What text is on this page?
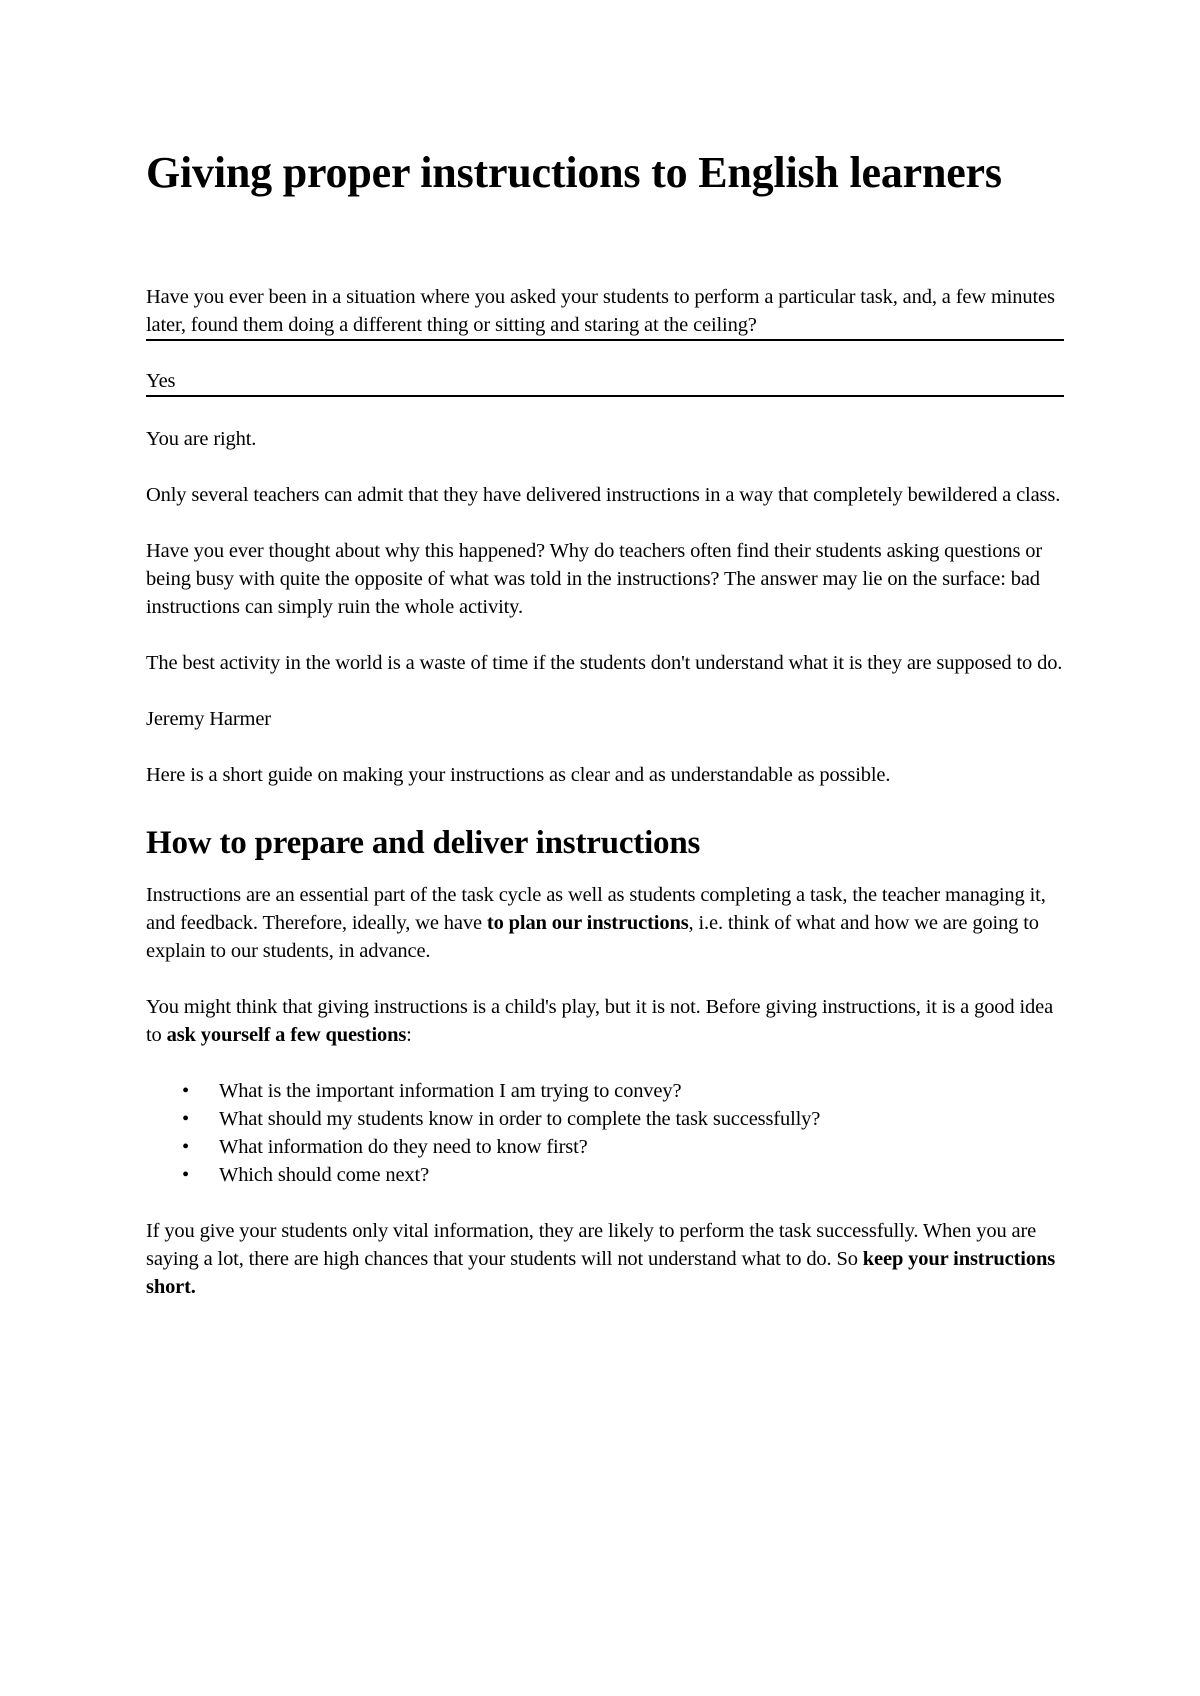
Giving proper instructions to English learners

Have you ever been in a situation where you asked your students to perform a particular task, and, a few minutes later, found them doing a different thing or sitting and staring at the ceiling?

Yes

You are right.

Only several teachers can admit that they have delivered instructions in a way that completely bewildered a class.

Have you ever thought about why this happened? Why do teachers often find their students asking questions or being busy with quite the opposite of what was told in the instructions? The answer may lie on the surface: bad instructions can simply ruin the whole activity.

The best activity in the world is a waste of time if the students don't understand what it is they are supposed to do.

Jeremy Harmer

Here is a short guide on making your instructions as clear and as understandable as possible.

How to prepare and deliver instructions

Instructions are an essential part of the task cycle as well as students completing a task, the teacher managing it, and feedback. Therefore, ideally, we have to plan our instructions, i.e. think of what and how we are going to explain to our students, in advance.

You might think that giving instructions is a child's play, but it is not. Before giving instructions, it is a good idea to ask yourself a few questions:

• What is the important information I am trying to convey?
• What should my students know in order to complete the task successfully?
• What information do they need to know first?
• Which should come next?

If you give your students only vital information, they are likely to perform the task successfully. When you are saying a lot, there are high chances that your students will not understand what to do. So keep your instructions short.
